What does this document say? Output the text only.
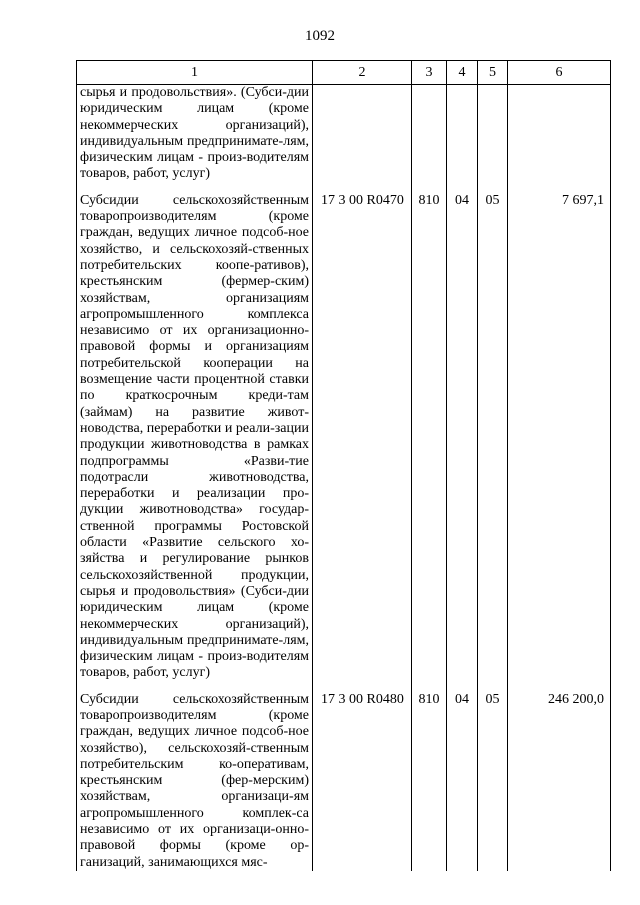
1092
1	2	3	4	5	6
сырья и продовольствия». (Субси-дии юридическим лицам (кроме некоммерческих организаций), индивидуальным предпринимате-лям, физическим лицам - произ-водителям товаров, работ, услуг)					

Субсидии сельскохозяйственным товаропроизводителям (кроме граждан, ведущих личное подсоб-ное хозяйство, и сельскохозяй-ственных потребительских коопе-ративов), крестьянским (фермер-ским) хозяйствам, организациям агропромышленного комплекса независимо от их организационно-правовой формы и организациям потребительской кооперации на возмещение части процентной ставки по краткосрочным креди-там (займам) на развитие живот-новодства, переработки и реали-зации продукции животноводства в рамках подпрограммы «Разви-тие подотрасли животноводства, переработки и реализации про-дукции животноводства» государ-ственной программы Ростовской области «Развитие сельского хо-зяйства и регулирование рынков сельскохозяйственной продукции, сырья и продовольствия» (Субси-дии юридическим лицам (кроме некоммерческих организаций), индивидуальным предпринимате-лям, физическим лицам - произ-водителям товаров, работ, услуг)	17 3 00 R0470	810	04	05	7 697,1

Субсидии сельскохозяйственным товаропроизводителям (кроме граждан, ведущих личное подсоб-ное хозяйство), сельскохозяй-ственным потребительским ко-оперативам, крестьянским (фер-мерским) хозяйствам, организаци-ям агропромышленного комплек-са независимо от их организаци-онно-правовой формы (кроме ор-ганизаций, занимающихся мяс-	17 3 00 R0480	810	04	05	246 200,0
